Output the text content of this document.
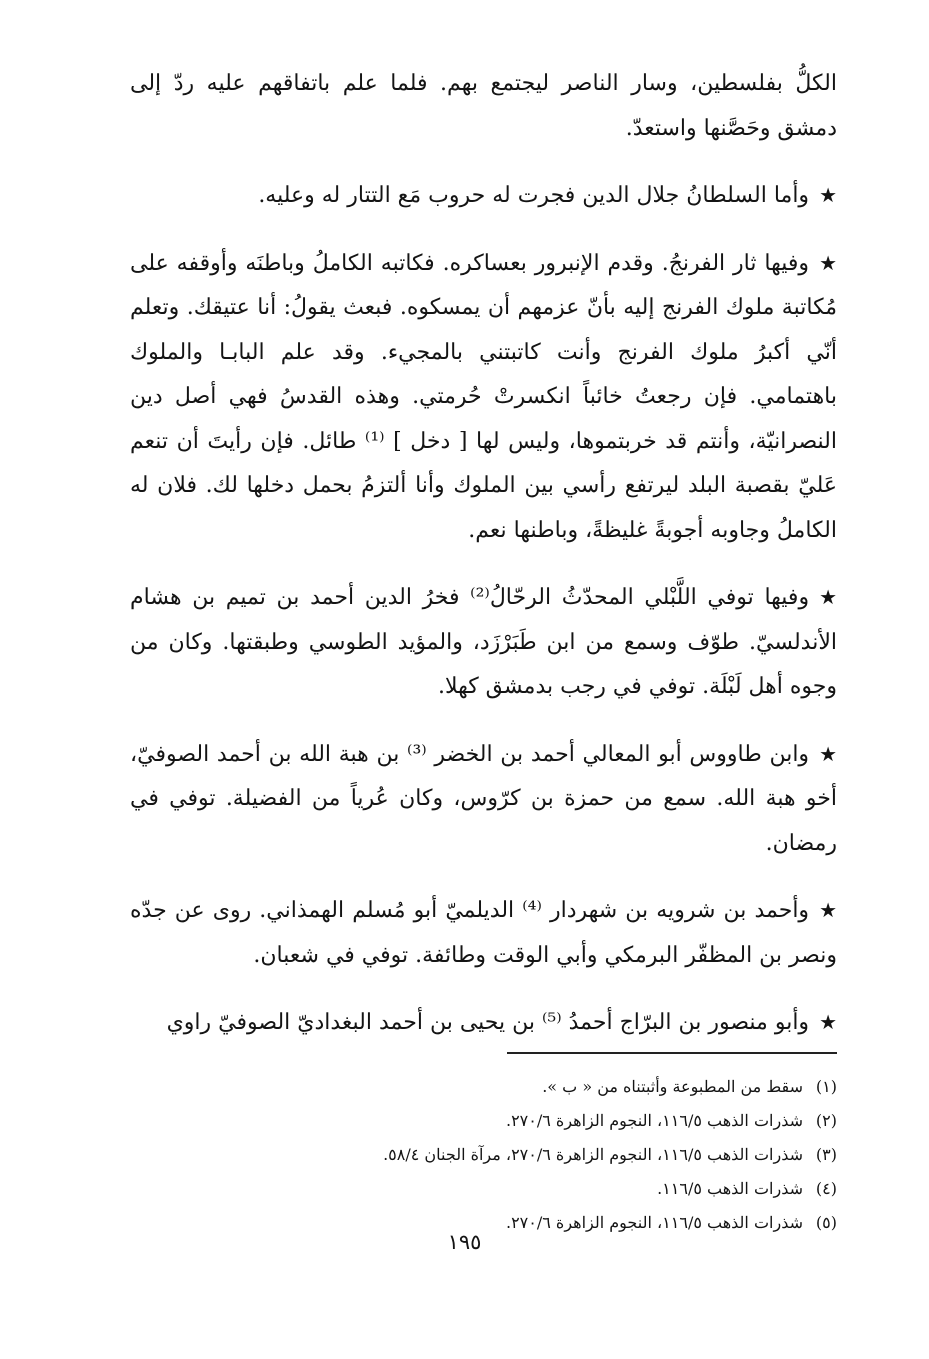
الكلُّ بفلسطين، وسار الناصر ليجتمع بهم. فلما علم باتفاقهم عليه ردّ إلى دمشق وحَصَّنها واستعدّ.

★وأما السلطانُ جلال الدين فجرت له حروب مَع التتار له وعليه.

★وفيها ثار الفرنجُ. وقدم الإنبرور بعساكره. فكاتبه الكاملُ وباطنَه وأوقفه على مُكاتبة ملوك الفرنج إليه بأنّ عزمهم أن يمسكوه. فبعث يقولُ: أنا عتيقك. وتعلم أنّي أكبرُ ملوك الفرنج وأنت كاتبتني بالمجيء. وقد علم البابـا والملوك باهتمامي. فإن رجعتُ خائباً انكسرتْ حُرمتي. وهذه القدسُ فهي أصل دين النصرانيّة، وأنتم قد خربتموها، وليس لها [ دخل ] ⁽¹⁾ طائل. فإن رأيتَ أن تنعم عَليّ بقصبة البلد ليرتفع رأسي بين الملوك وأنا ألتزمُ بحمل دخلها لك. فلان له الكاملُ وجاوبه أجوبةً غليظةً، وباطنها نعم.

★وفيها توفي اللَّبْلي المحدّثُ الرحّالُ⁽²⁾ فخرُ الدين أحمد بن تميم بن هشام الأندلسيّ. طوّف وسمع من ابن طَبَرْزَد، والمؤيد الطوسي وطبقتها. وكان من وجوه أهل لَبْلَة. توفي في رجب بدمشق كهلا.

★وابن طاووس أبو المعالي أحمد بن الخضر ⁽³⁾ بن هبة الله بن أحمد الصوفيّ، أخو هبة الله. سمع من حمزة بن كرّوس، وكان عُرياً من الفضيلة. توفي في رمضان.

★وأحمد بن شرويه بن شهردار ⁽⁴⁾ الديلميّ أبو مُسلم الهمذاني. روى عن جدّه ونصر بن المظفّر البرمكي وأبي الوقت وطائفة. توفي في شعبان.

★وأبو منصور بن البرّاج أحمدُ ⁽⁵⁾ بن يحيى بن أحمد البغداديّ الصوفيّ راوي

(١)سقط من المطبوعة وأثبتناه من « ب ».
(٢)شذرات الذهب ١١٦/٥، النجوم الزاهرة ٢٧٠/٦.
(٣)شذرات الذهب ١١٦/٥، النجوم الزاهرة ٢٧٠/٦، مرآة الجنان ٥٨/٤.
(٤)شذرات الذهب ١١٦/٥.
(٥)شذرات الذهب ١١٦/٥، النجوم الزاهرة ٢٧٠/٦.
١٩٥
